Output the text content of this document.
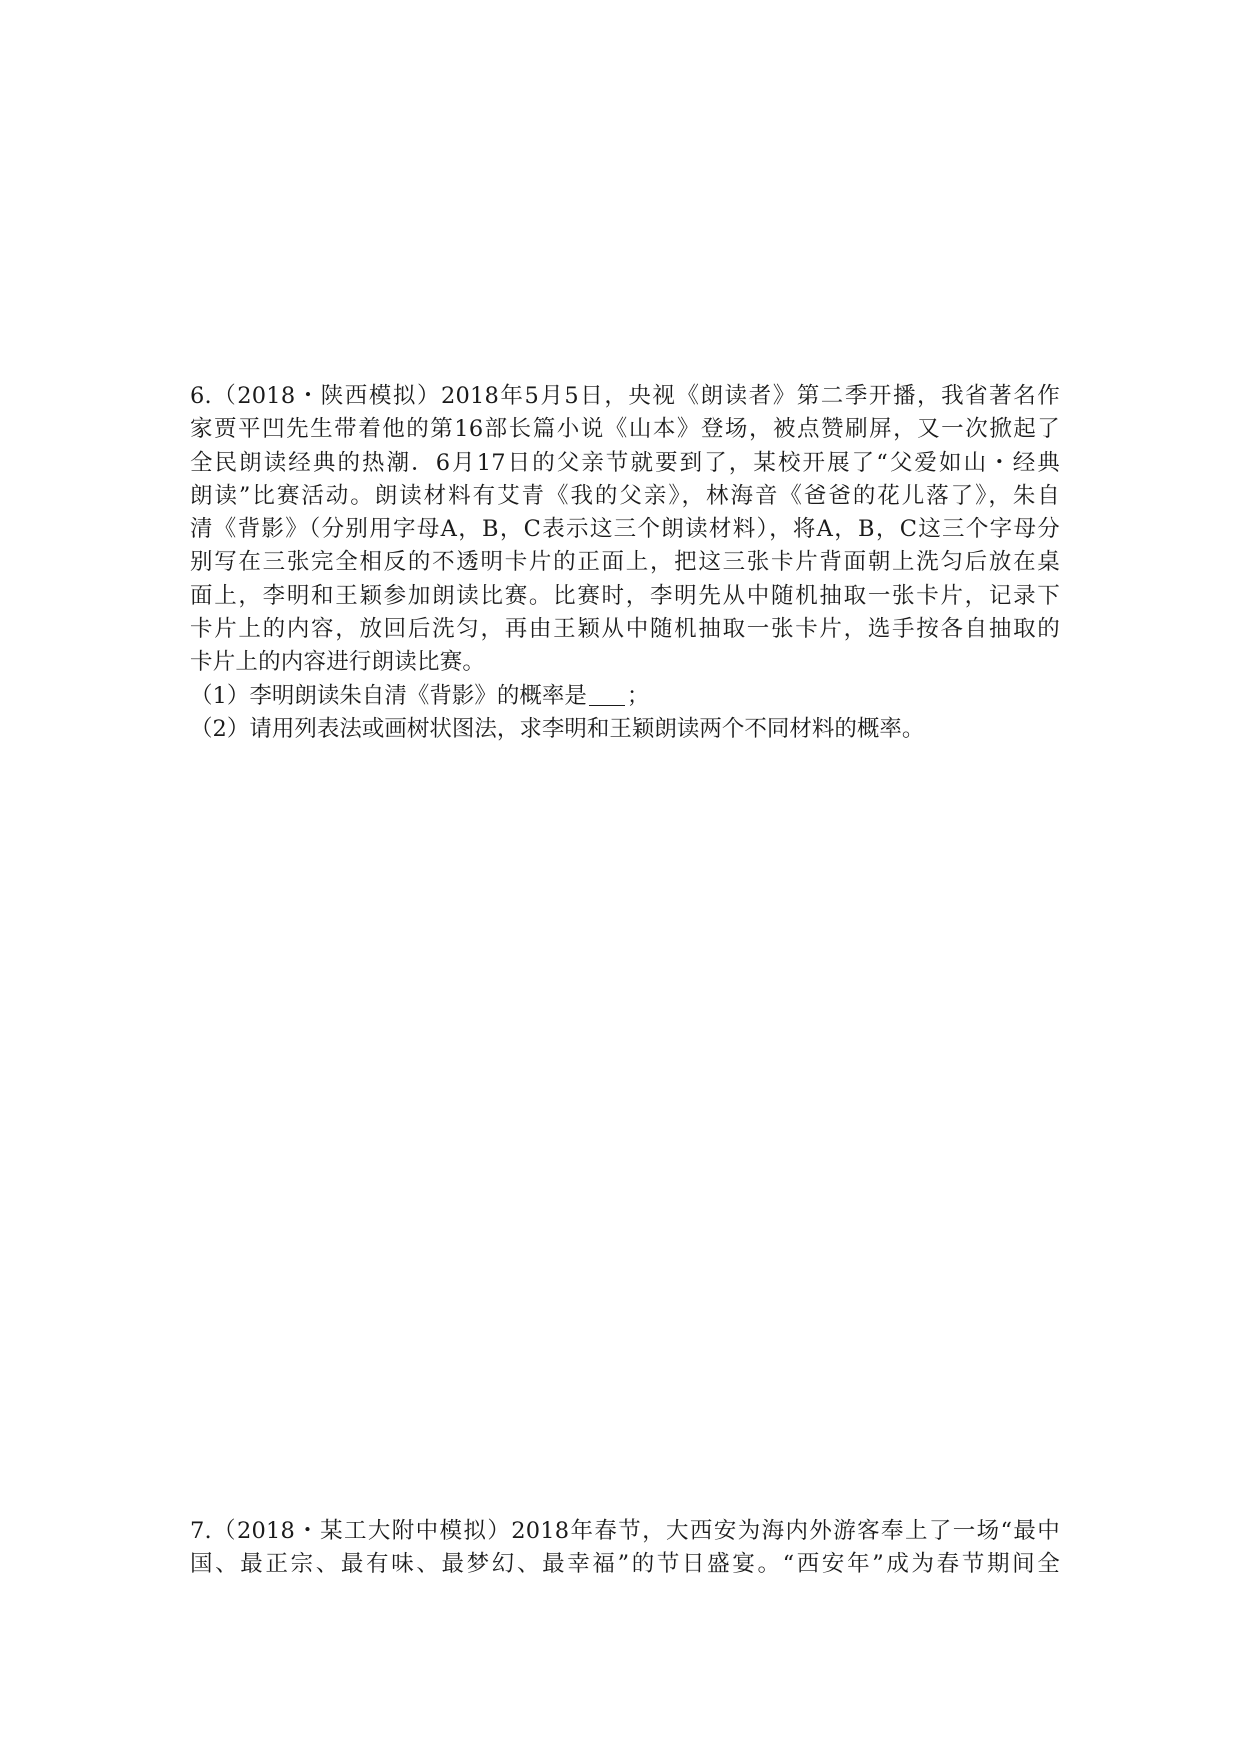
6.（2018・陕西模拟）2018年5月5日，央视《朗读者》第二季开播，我省著名作
家贾平凹先生带着他的第16部长篇小说《山本》登场，被点赞刷屏，又一次掀起了
全民朗读经典的热潮．6月17日的父亲节就要到了，某校开展了“父爱如山・经典
朗读”比赛活动。朗读材料有艾青《我的父亲》，林海音《爸爸的花儿落了》，朱自
清《背影》（分别用字母A，B，C表示这三个朗读材料），将A，B，C这三个字母分
别写在三张完全相反的不透明卡片的正面上，把这三张卡片背面朝上洗匀后放在桌
面上，李明和王颖参加朗读比赛。比赛时，李明先从中随机抽取一张卡片，记录下
卡片上的内容，放回后洗匀，再由王颖从中随机抽取一张卡片，选手按各自抽取的
卡片上的内容进行朗读比赛。
（1）李明朗读朱自清《背影》的概率是 ；
（2）请用列表法或画树状图法，求李明和王颖朗读两个不同材料的概率。
7.（2018・某工大附中模拟）2018年春节，大西安为海内外游客奉上了一场“最中
国、最正宗、最有味、最梦幻、最幸福”的节日盛宴。“西安年”成为春节期间全
